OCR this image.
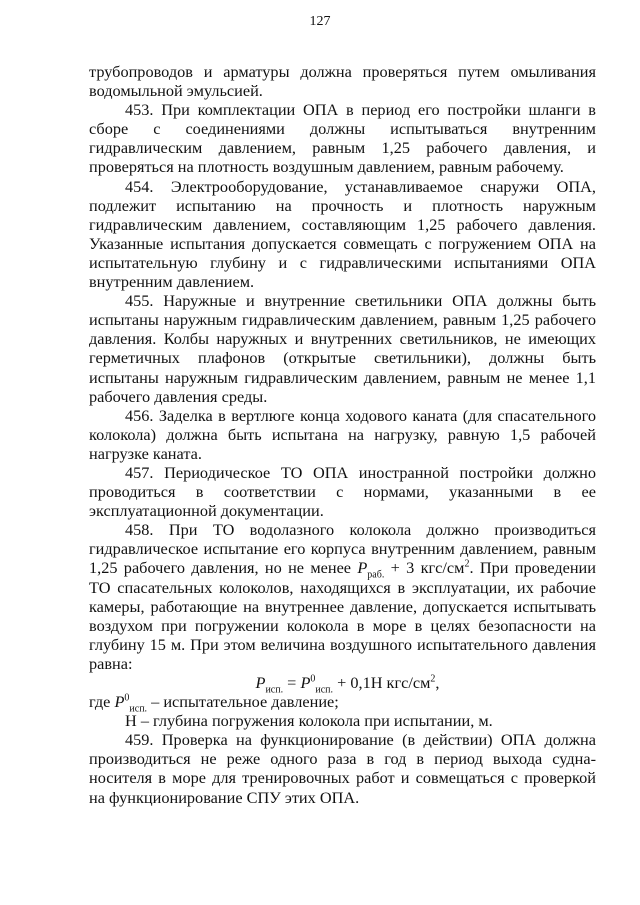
127

трубопроводов и арматуры должна проверяться путем омыливания водомыльной эмульсией.

453. При комплектации ОПА в период его постройки шланги в сборе с соединениями должны испытываться внутренним гидравлическим давлением, равным 1,25 рабочего давления, и проверяться на плотность воздушным давлением, равным рабочему.

454. Электрооборудование, устанавливаемое снаружи ОПА, подлежит испытанию на прочность и плотность наружным гидравлическим давлением, составляющим 1,25 рабочего давления. Указанные испытания допускается совмещать с погружением ОПА на испытательную глубину и с гидравлическими испытаниями ОПА внутренним давлением.

455. Наружные и внутренние светильники ОПА должны быть испытаны наружным гидравлическим давлением, равным 1,25 рабочего давления. Колбы наружных и внутренних светильников, не имеющих герметичных плафонов (открытые светильники), должны быть испытаны наружным гидравлическим давлением, равным не менее 1,1 рабочего давления среды.

456. Заделка в вертлюге конца ходового каната (для спасательного колокола) должна быть испытана на нагрузку, равную 1,5 рабочей нагрузке каната.

457. Периодическое ТО ОПА иностранной постройки должно проводиться в соответствии с нормами, указанными в ее эксплуатационной документации.

458. При ТО водолазного колокола должно производиться гидравлическое испытание его корпуса внутренним давлением, равным 1,25 рабочего давления, но не менее $P_{раб.} + 3$ кгс/$см^2$. При проведении ТО спасательных колоколов, находящихся в эксплуатации, их рабочие камеры, работающие на внутреннее давление, допускается испытывать воздухом при погружении колокола в море в целях безопасности на глубину 15 м. При этом величина воздушного испытательного давления равна:

$P_{исп.} = P^0_{исп.} + 0,1Н$ кгс/$см^2$,

где $P^0_{исп.}$ – испытательное давление;

Н – глубина погружения колокола при испытании, м.

459. Проверка на функционирование (в действии) ОПА должна производиться не реже одного раза в год в период выхода судна-носителя в море для тренировочных работ и совмещаться с проверкой на функционирование СПУ этих ОПА.
